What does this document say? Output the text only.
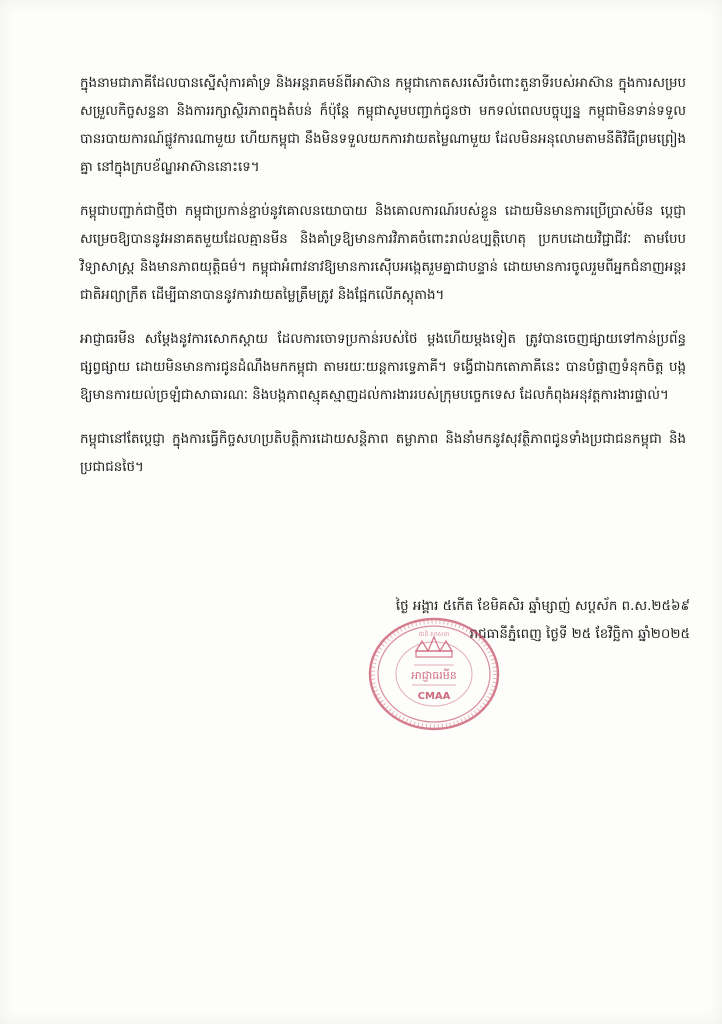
ក្នុងនាមជាភាគីដែលបានស្នើសុំការគាំទ្រ និងអន្តរាគមន៍ពីអាស៊ាន កម្ពុជាកោតសរសើរចំពោះតួនាទីរបស់អាស៊ាន ក្នុងការសម្របសម្រួលកិច្ចសន្ទនា និងការរក្សាស្ថិរភាពក្នុងតំបន់ ក៏ប៉ុន្តែ កម្ពុជាសូមបញ្ជាក់ជូនថា មកទល់ពេលបច្ចុប្បន្ន កម្ពុជាមិនទាន់ទទួលបានរបាយការណ៍ផ្លូវការណាមួយ ហើយកម្ពុជា នឹងមិនទទួលយកការវាយតម្លៃណាមួយ ដែលមិនអនុលោមតាមនីតិវិធីព្រមព្រៀងគ្នា នៅក្នុងក្របខ័ណ្ឌអាស៊ាននោះទេ។

កម្ពុជាបញ្ជាក់ជាថ្មីថា កម្ពុជាប្រកាន់ខ្ជាប់នូវគោលនយោបាយ និងគោលការណ៍របស់ខ្លួន ដោយមិនមានការប្រើប្រាស់មីន ប្តេជ្ញាសម្រេចឱ្យបាននូវអនាគតមួយដែលគ្មានមីន និងគាំទ្រឱ្យមានការវិភាគចំពោះរាល់ឧប្បត្តិហេតុ ប្រកបដោយវិជ្ជាជីវៈ តាមបែបវិទ្យាសាស្ត្រ និងមានភាពយុត្តិធម៌។ កម្ពុជាអំពាវនាវឱ្យមានការស៊ើបអង្កេតរួមគ្នាជាបន្ទាន់ ដោយមានការចូលរួមពីអ្នកជំនាញអន្តរជាតិអព្យាក្រឹត ដើម្បីធានាបាននូវការវាយតម្លៃត្រឹមត្រូវ និងផ្អែកលើភស្តុតាង។

អាជ្ញាធរមីន សម្តែងនូវការសោកស្តាយ ដែលការចោទប្រកាន់របស់ថៃ ម្តងហើយម្តងទៀត ត្រូវបានចេញផ្សាយទៅកាន់ប្រព័ន្ធផ្សព្វផ្សាយ ដោយមិនមានការជូនដំណឹងមកកម្ពុជា តាមរយៈយន្តការទ្វេភាគី។ ទង្វើជាឯកតោភាគីនេះ បានបំផ្លាញទំនុកចិត្ត បង្កឱ្យមានការយល់ច្រឡំជាសាធារណៈ និងបង្កភាពស្មុគស្មាញដល់ការងាររបស់ក្រុមបច្ចេកទេស ដែលកំពុងអនុវត្តការងារផ្ទាល់។

កម្ពុជានៅតែប្តេជ្ញា ក្នុងការធ្វើកិច្ចសហប្រតិបត្តិការដោយសន្តិភាព តម្លាភាព និងនាំមកនូវសុវត្ថិភាពជូនទាំងប្រជាជនកម្ពុជា និងប្រជាជនថៃ។

ថ្ងៃ អង្គារ ៥កើត ខែមិគសិរ ឆ្នាំម្សាញ់ សប្តស័ក ព.ស.២៥៦៩
រាជធានីភ្នំពេញ ថ្ងៃទី ២៥ ខែវិច្ឆិកា ឆ្នាំ២០២៥
ជាតិ សាសនា
អាជ្ញាធរមីន
CMAA
